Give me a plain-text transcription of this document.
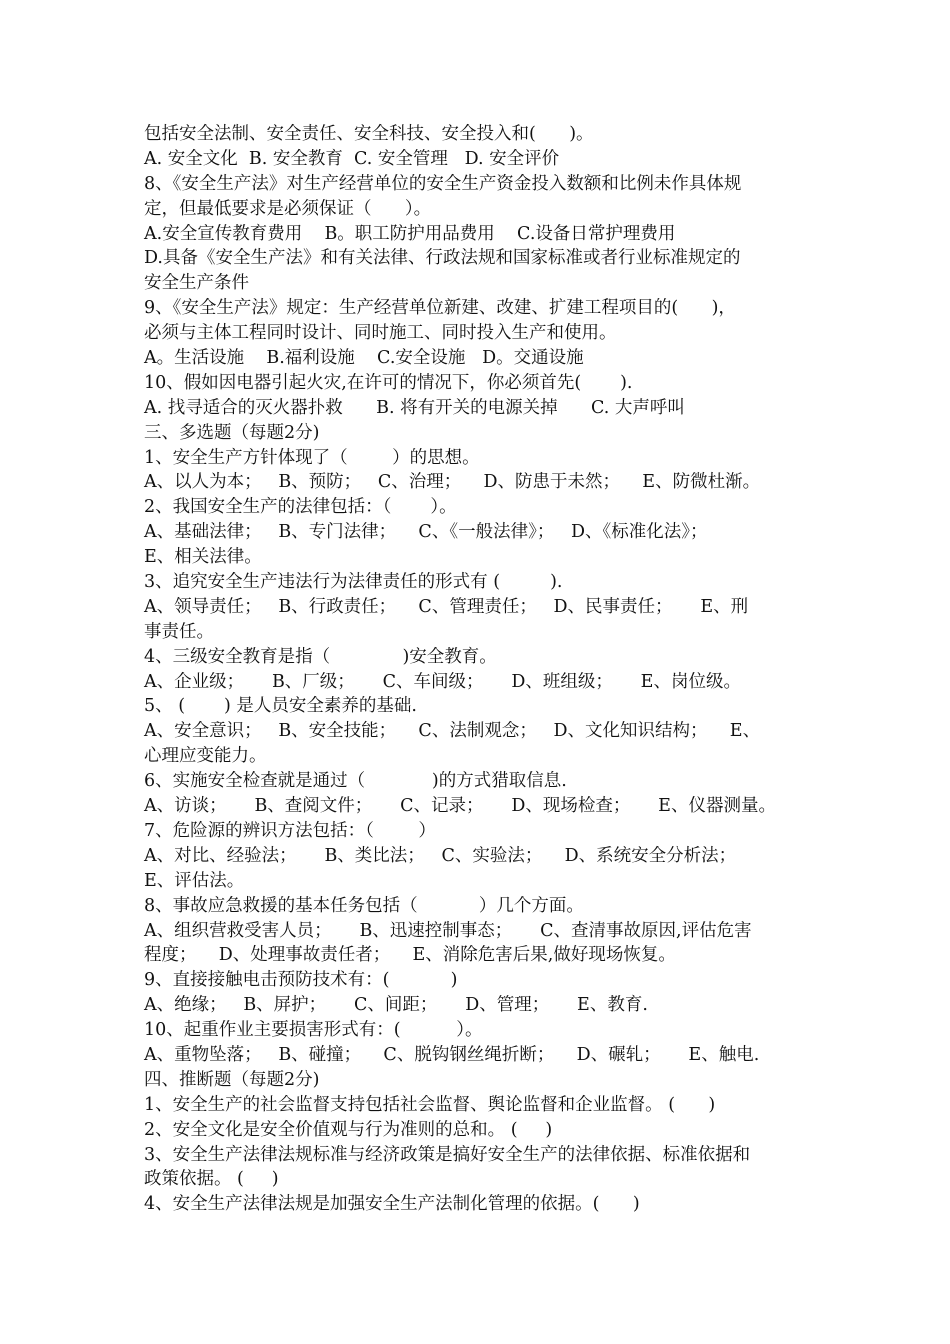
包括安全法制、安全责任、安全科技、安全投入和(      )。
A. 安全文化  B. 安全教育  C. 安全管理   D. 安全评价
8、《安全生产法》对生产经营单位的安全生产资金投入数额和比例未作具体规
定，但最低要求是必须保证（      ）。
A.安全宣传教育费用    B。职工防护用品费用    C.设备日常护理费用
D.具备《安全生产法》和有关法律、行政法规和国家标准或者行业标准规定的
安全生产条件
9、《安全生产法》规定：生产经营单位新建、改建、扩建工程项目的(      )，
必须与主体工程同时设计、同时施工、同时投入生产和使用。
A。生活设施    B.福利设施    C.安全设施   D。交通设施
10、假如因电器引起火灾,在许可的情况下，你必须首先(       ).
A. 找寻适合的灭火器扑救      B. 将有开关的电源关掉      C. 大声呼叫
三、多选题（每题2分)
1、安全生产方针体现了（        ）的思想。
A、以人为本；   B、预防；   C、治理；    D、防患于未然；    E、防微杜渐。
2、我国安全生产的法律包括：（       ）。
A、基础法律；   B、专门法律；    C、《一般法律》；   D、《标准化法》；
E、相关法律。
3、追究安全生产违法行为法律责任的形式有 (         ).
A、领导责任；   B、行政责任；    C、管理责任；   D、民事责任；     E、刑
事责任。
4、三级安全教育是指（             )安全教育。
A、企业级；     B、厂级；     C、车间级；     D、班组级；     E、岗位级。
5、 (       ) 是人员安全素养的基础.
A、安全意识；   B、安全技能；    C、法制观念；   D、文化知识结构；    E、
心理应变能力。
6、实施安全检查就是通过（            )的方式猎取信息.
A、访谈；     B、查阅文件；     C、记录；     D、现场检查；     E、仪器测量。
7、危险源的辨识方法包括：（        ）
A、对比、经验法；     B、类比法；   C、实验法；    D、系统安全分析法；
E、评估法。
8、事故应急救援的基本任务包括（           ）几个方面。
A、组织营救受害人员；     B、迅速控制事态；     C、查清事故原因,评估危害
程度；    D、处理事故责任者；    E、消除危害后果,做好现场恢复。
9、直接接触电击预防技术有：(           )
A、绝缘；   B、屏护；     C、间距；     D、管理；     E、教育.
10、起重作业主要损害形式有：(          ）。
A、重物坠落；   B、碰撞；    C、脱钩钢丝绳折断；    D、碾轧；     E、触电.
四、推断题（每题2分)
1、安全生产的社会监督支持包括社会监督、舆论监督和企业监督。 (      )
2、安全文化是安全价值观与行为准则的总和。 (     )
3、安全生产法律法规标准与经济政策是搞好安全生产的法律依据、标准依据和
政策依据。 (     )
4、安全生产法律法规是加强安全生产法制化管理的依据。(      )
